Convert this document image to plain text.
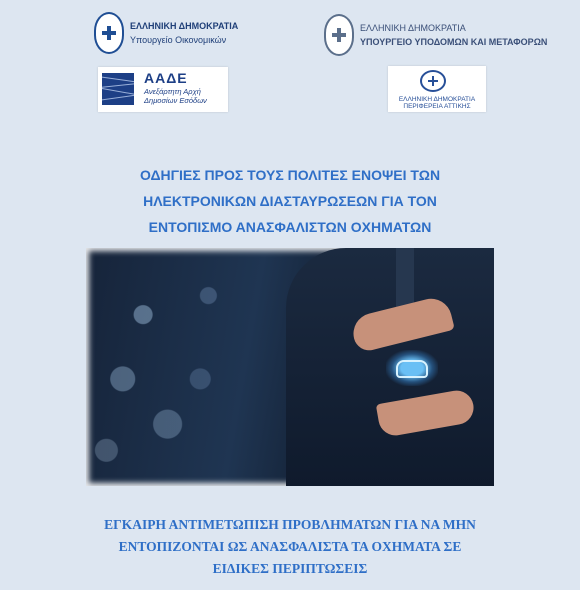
ΕΛΛΗΝΙΚΗ ΔΗΜΟΚΡΑΤΙΑ
Υπουργείο Οικονομικών
ΕΛΛΗΝΙΚΗ ΔΗΜΟΚΡΑΤΙΑ
ΥΠΟΥΡΓΕΙΟ ΥΠΟΔΟΜΩΝ ΚΑΙ ΜΕΤΑΦΟΡΩΝ
ΑΑΔΕ
Ανεξάρτητη Αρχή Δημοσίων Εσόδων	ΕΛΛΗΝΙΚΗ ΔΗΜΟΚΡΑΤΙΑ
ΠΕΡΙΦΕΡΕΙΑ ΑΤΤΙΚΗΣ
ΟΔΗΓΙΕΣ ΠΡΟΣ ΤΟΥΣ ΠΟΛΙΤΕΣ ΕΝΟΨΕΙ ΤΩΝ
ΗΛΕΚΤΡΟΝΙΚΩΝ ΔΙΑΣΤΑΥΡΩΣΕΩΝ ΓΙΑ ΤΟΝ
ΕΝΤΟΠΙΣΜΟ ΑΝΑΣΦΑΛΙΣΤΩΝ ΟΧΗΜΑΤΩΝ
ΕΓΚΑΙΡΗ ΑΝΤΙΜΕΤΩΠΙΣΗ ΠΡΟΒΛΗΜΑΤΩΝ ΓΙΑ ΝΑ ΜΗΝ
ΕΝΤΟΠΙΖΟΝΤΑΙ ΩΣ ΑΝΑΣΦΑΛΙΣΤΑ ΤΑ ΟΧΗΜΑΤΑ ΣΕ
ΕΙΔΙΚΕΣ ΠΕΡΙΠΤΩΣΕΙΣ
